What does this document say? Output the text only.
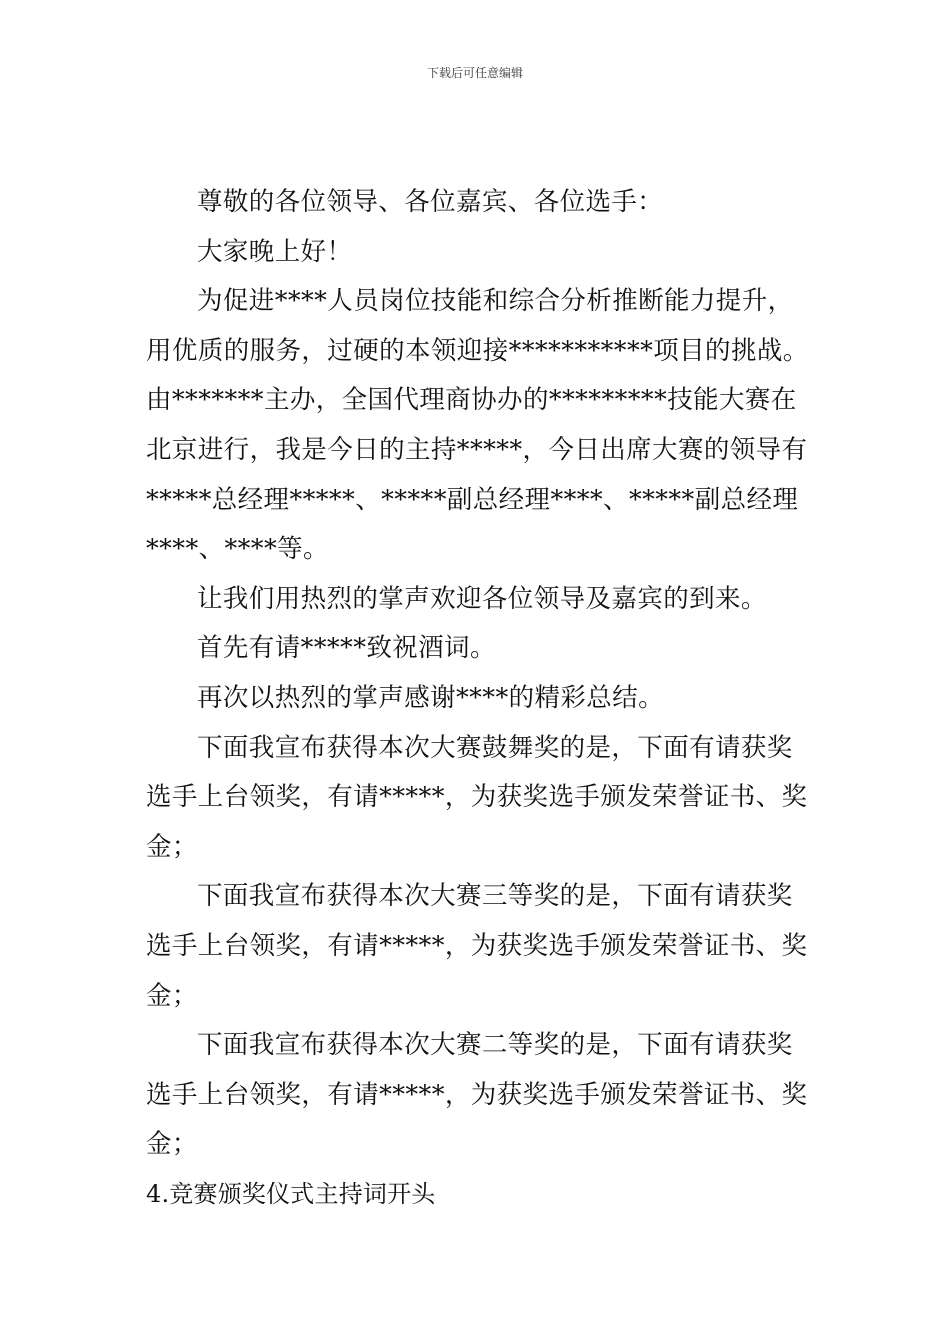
下载后可任意编辑

尊敬的各位领导、各位嘉宾、各位选手：

大家晚上好！

为促进****人员岗位技能和综合分析推断能力提升，用优质的服务，过硬的本领迎接***********项目的挑战。由*******主办，全国代理商协办的*********技能大赛在北京进行，我是今日的主持*****，今日出席大赛的领导有*****总经理*****、*****副总经理****、*****副总经理****、****等。

让我们用热烈的掌声欢迎各位领导及嘉宾的到来。

首先有请*****致祝酒词。

再次以热烈的掌声感谢****的精彩总结。

下面我宣布获得本次大赛鼓舞奖的是，下面有请获奖选手上台领奖，有请*****，为获奖选手颁发荣誉证书、奖金；

下面我宣布获得本次大赛三等奖的是，下面有请获奖选手上台领奖，有请*****，为获奖选手颁发荣誉证书、奖金；

下面我宣布获得本次大赛二等奖的是，下面有请获奖选手上台领奖，有请*****，为获奖选手颁发荣誉证书、奖金；

4.竞赛颁奖仪式主持词开头
